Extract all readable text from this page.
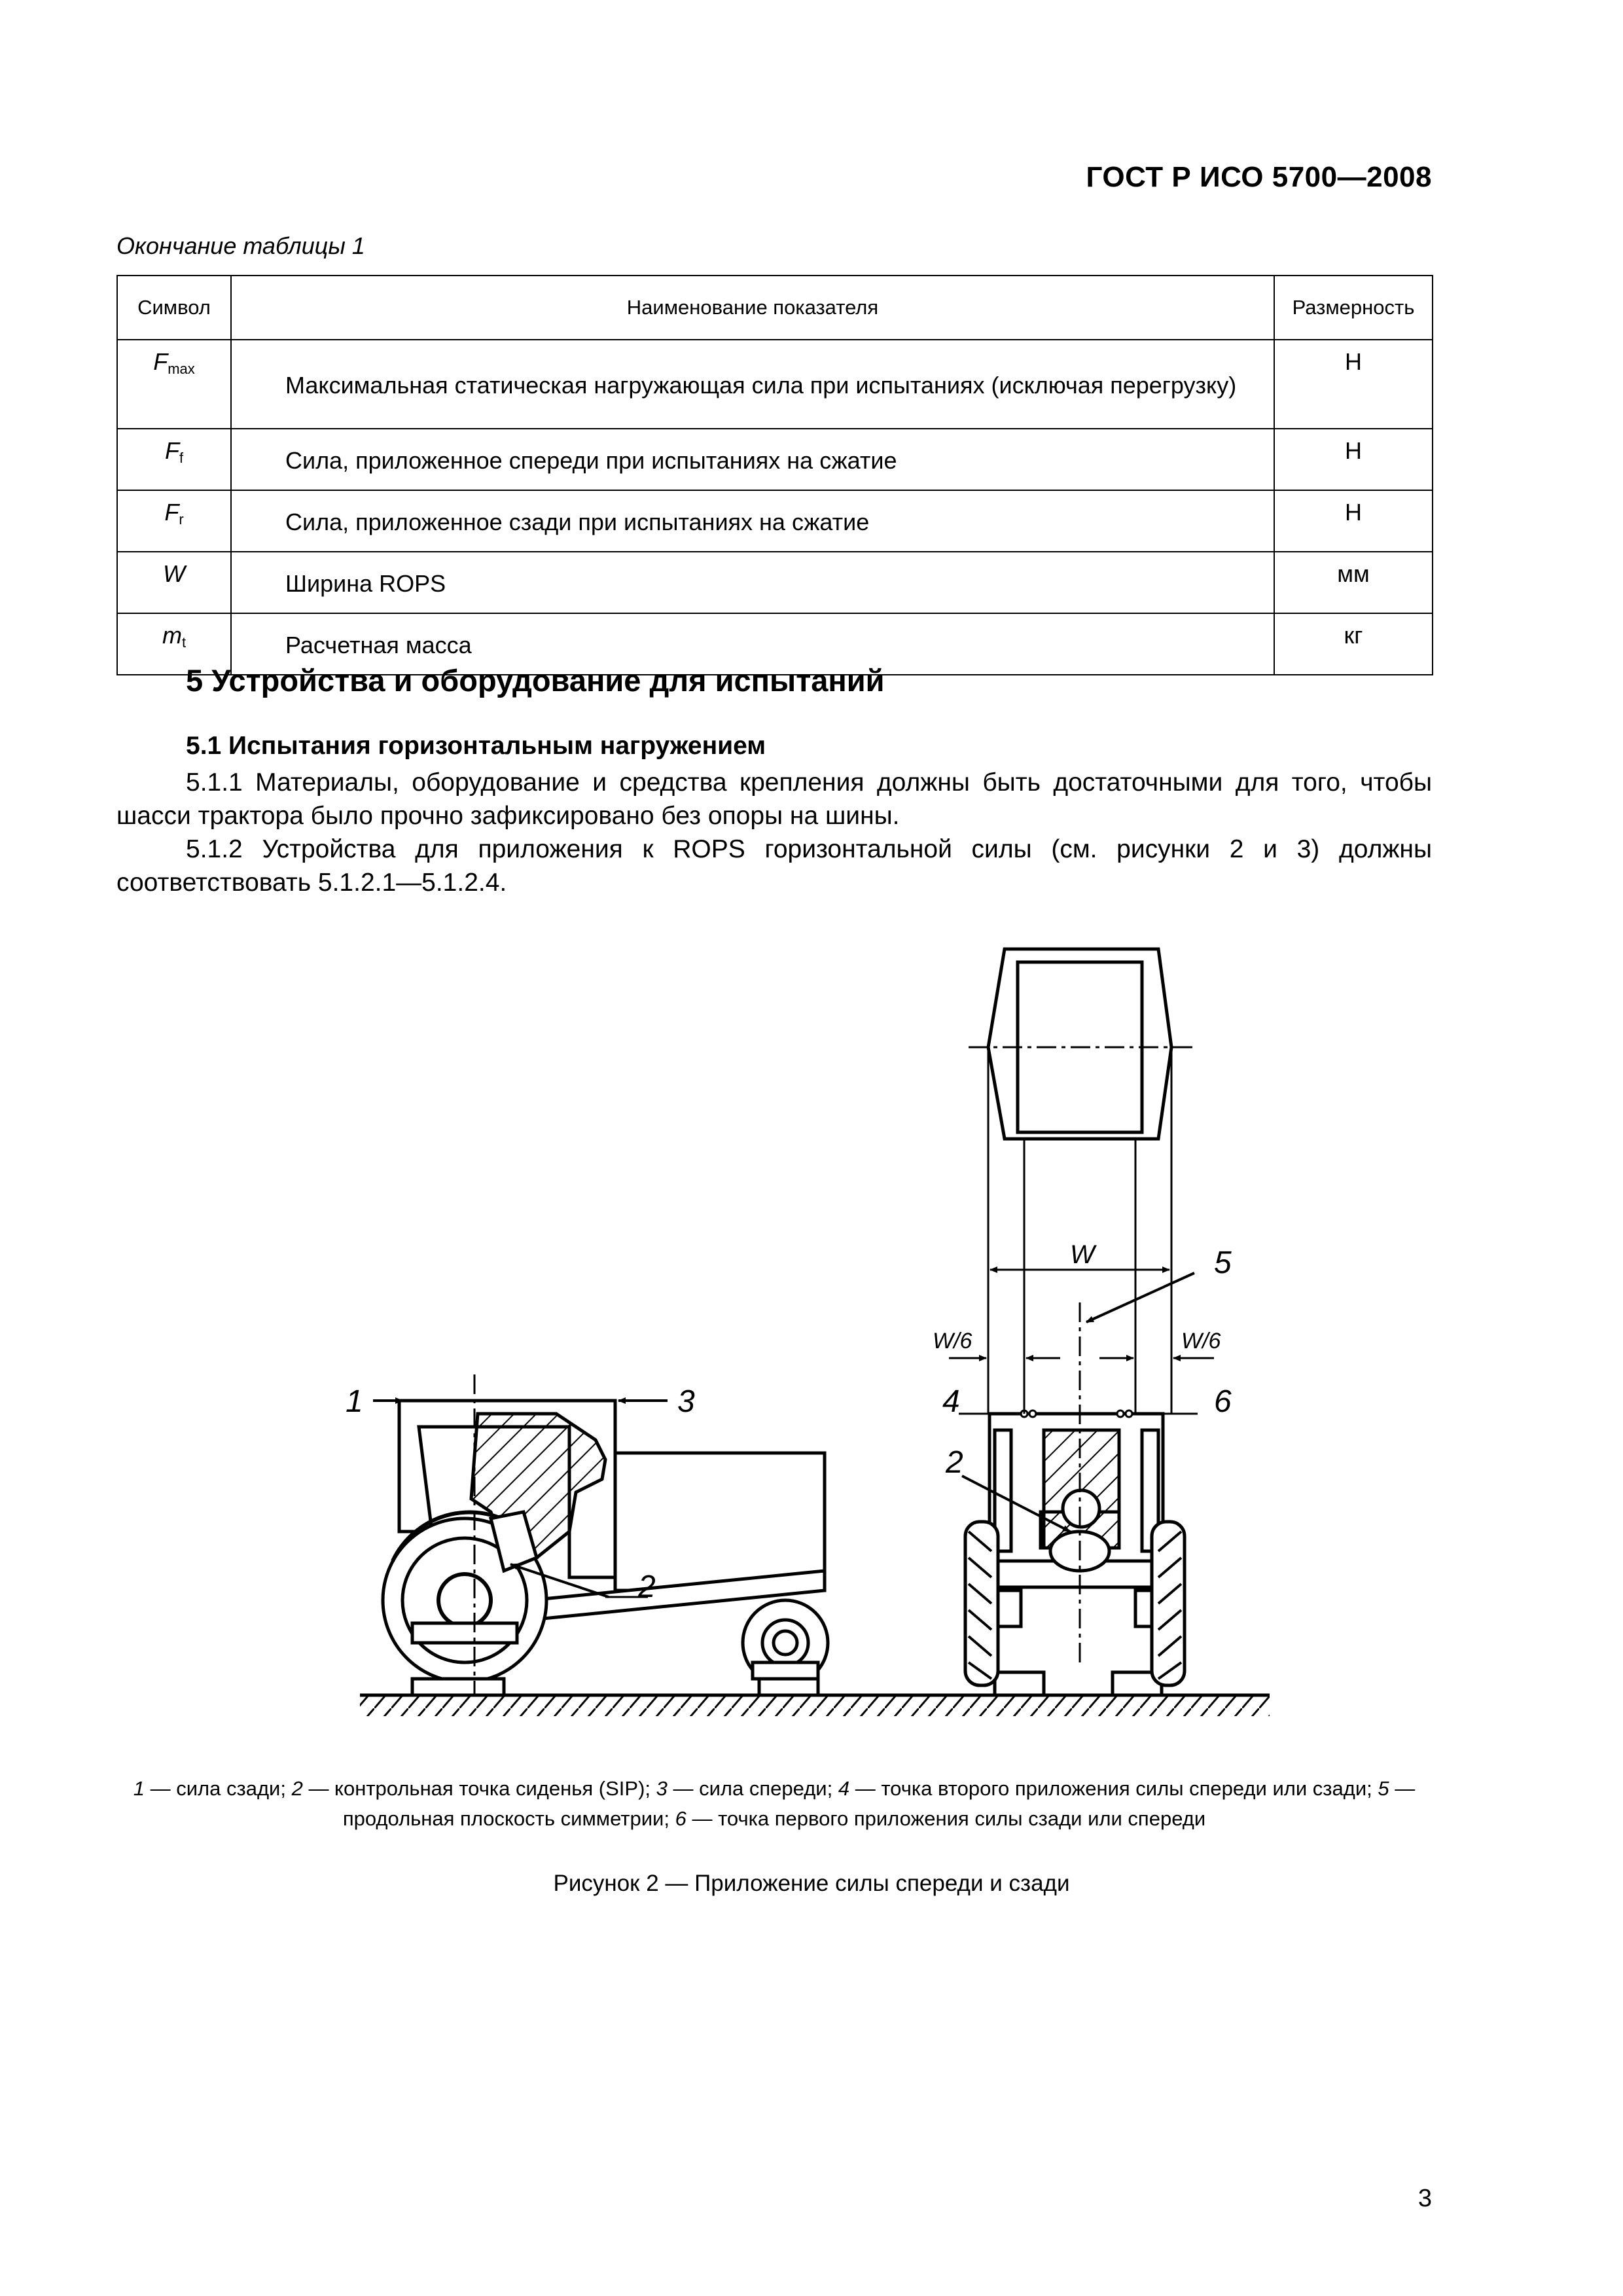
ГОСТ Р ИСО 5700—2008
Окончание таблицы 1
Символ	Наименование показателя	Размерность
$F_{max}$	Максимальная статическая нагружающая сила при испытаниях (исключая перегрузку)	Н
$F_f$	Сила, приложенное спереди при испытаниях на сжатие	Н
$F_r$	Сила, приложенное сзади при испытаниях на сжатие	Н
W	Ширина ROPS	мм
$m_t$	Расчетная масса	кг
5 Устройства и оборудование для испытаний
5.1 Испытания горизонтальным нагружением
5.1.1 Материалы, оборудование и средства крепления должны быть достаточными для того, чтобы шасси трактора было прочно зафиксировано без опоры на шины.
5.1.2 Устройства для приложения к ROPS горизонтальной силы (см. рисунки 2 и 3) должны соответствовать 5.1.2.1—5.1.2.4.
1	3
2
2
4	6
5
W
W/6	W/6
1 — сила сзади; 2 — контрольная точка сиденья (SIP); 3 — сила спереди; 4 — точка второго приложения силы спереди или сзади; 5 — продольная плоскость симметрии; 6 — точка первого приложения силы сзади или спереди
Рисунок 2 — Приложение силы спереди и сзади
3
